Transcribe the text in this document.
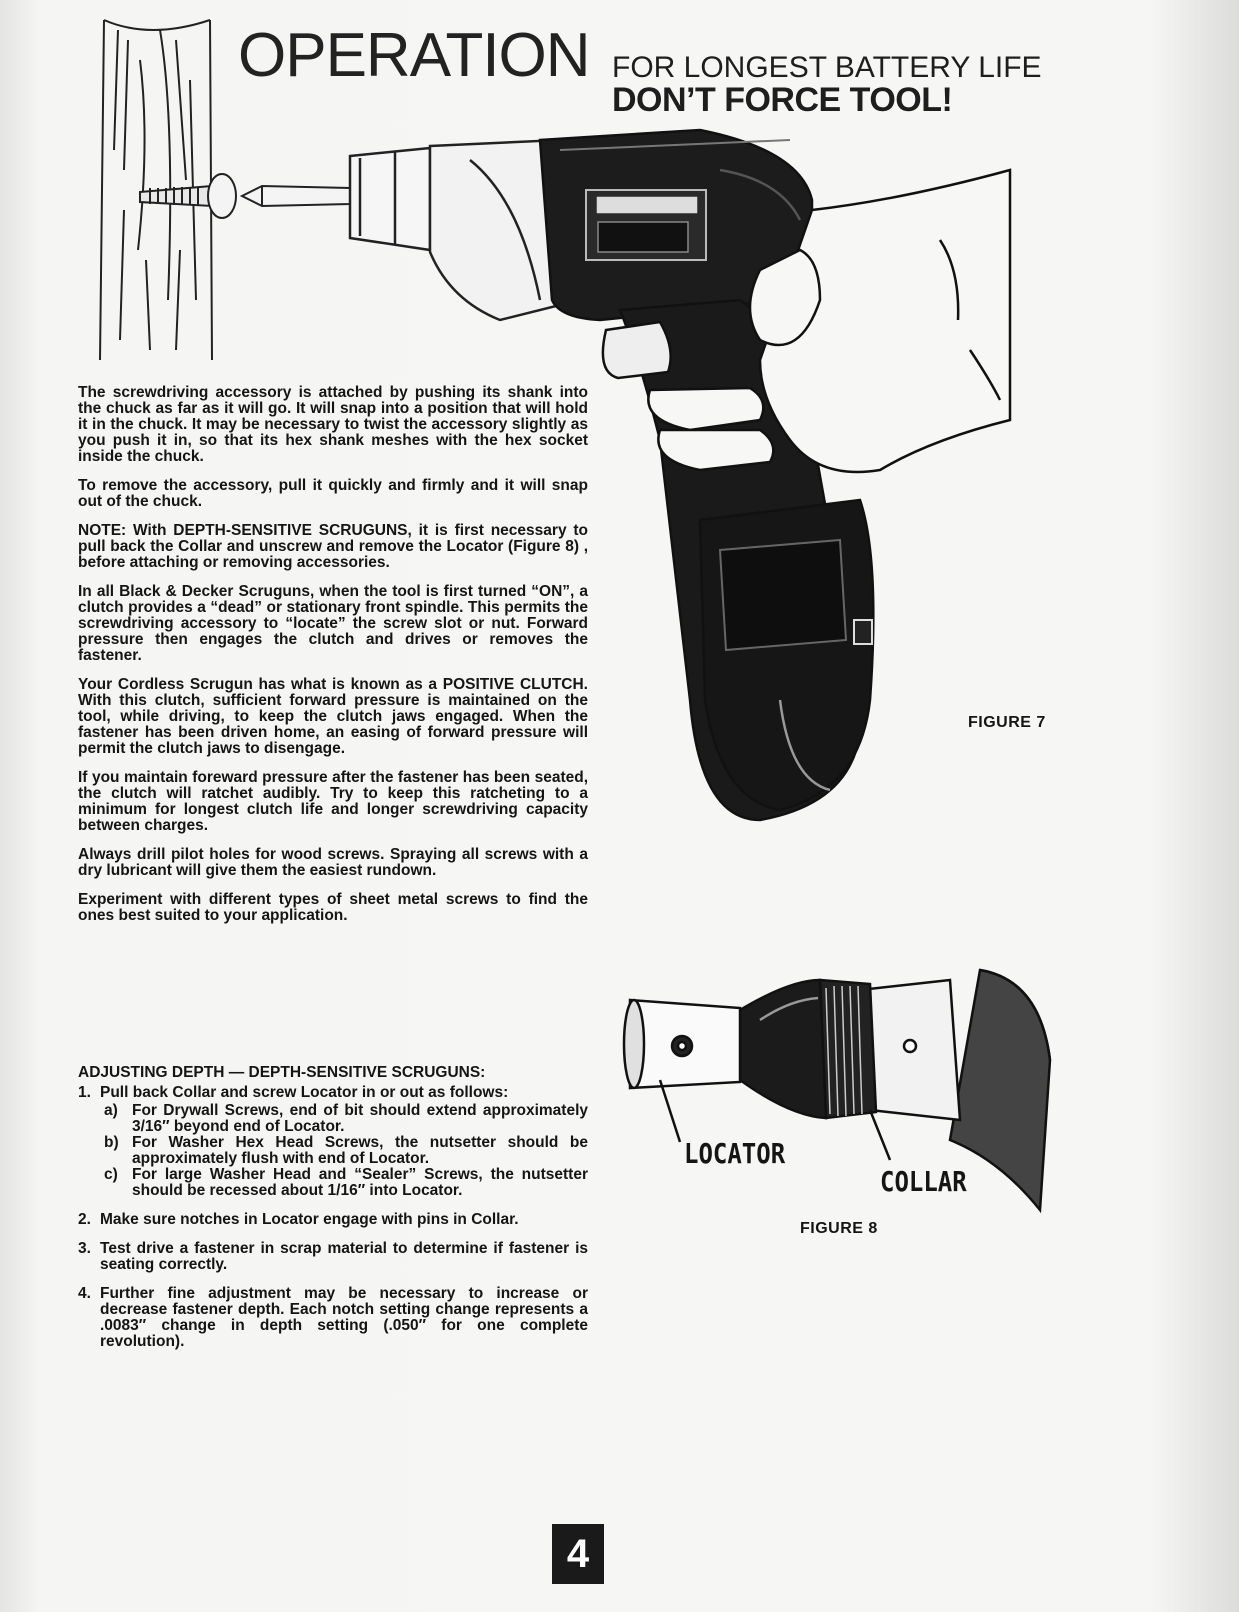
OPERATION FOR LONGEST BATTERY LIFE
DON’T FORCE TOOL!
FIGURE 7

The screwdriving accessory is attached by pushing its shank into the chuck as far as it will go. It will snap into a position that will hold it in the chuck. It may be necessary to twist the accessory slightly as you push it in, so that its hex shank meshes with the hex socket inside the chuck.

To remove the accessory, pull it quickly and firmly and it will snap out of the chuck.

NOTE: With DEPTH-SENSITIVE SCRUGUNS, it is first necessary to pull back the Collar and unscrew and remove the Locator (Figure 8) , before attaching or removing accessories.

In all Black & Decker Scruguns, when the tool is first turned “ON”, a clutch provides a “dead” or stationary front spindle. This permits the screwdriving accessory to “locate” the screw slot or nut. Forward pressure then engages the clutch and drives or removes the fastener.

Your Cordless Scrugun has what is known as a POSITIVE CLUTCH. With this clutch, sufficient forward pressure is maintained on the tool, while driving, to keep the clutch jaws engaged. When the fastener has been driven home, an easing of forward pressure will permit the clutch jaws to disengage.

If you maintain foreward pressure after the fastener has been seated, the clutch will ratchet audibly. Try to keep this ratcheting to a minimum for longest clutch life and longer screwdriving capacity between charges.

Always drill pilot holes for wood screws. Spraying all screws with a dry lubricant will give them the easiest rundown.

Experiment with different types of sheet metal screws to find the ones best suited to your application.

ADJUSTING DEPTH — DEPTH-SENSITIVE SCRUGUNS:
1. Pull back Collar and screw Locator in or out as follows:
a) For Drywall Screws, end of bit should extend approximately 3/16″ beyond end of Locator.
b) For Washer Hex Head Screws, the nutsetter should be approximately flush with end of Locator.
c) For large Washer Head and “Sealer” Screws, the nutsetter should be recessed about 1/16″ into Locator.
2. Make sure notches in Locator engage with pins in Collar.
3. Test drive a fastener in scrap material to determine if fastener is seating correctly.
4. Further fine adjustment may be necessary to increase or decrease fastener depth. Each notch setting change represents a .0083″ change in depth setting (.050″ for one complete revolution).
LOCATOR
COLLAR
FIGURE 8
4
